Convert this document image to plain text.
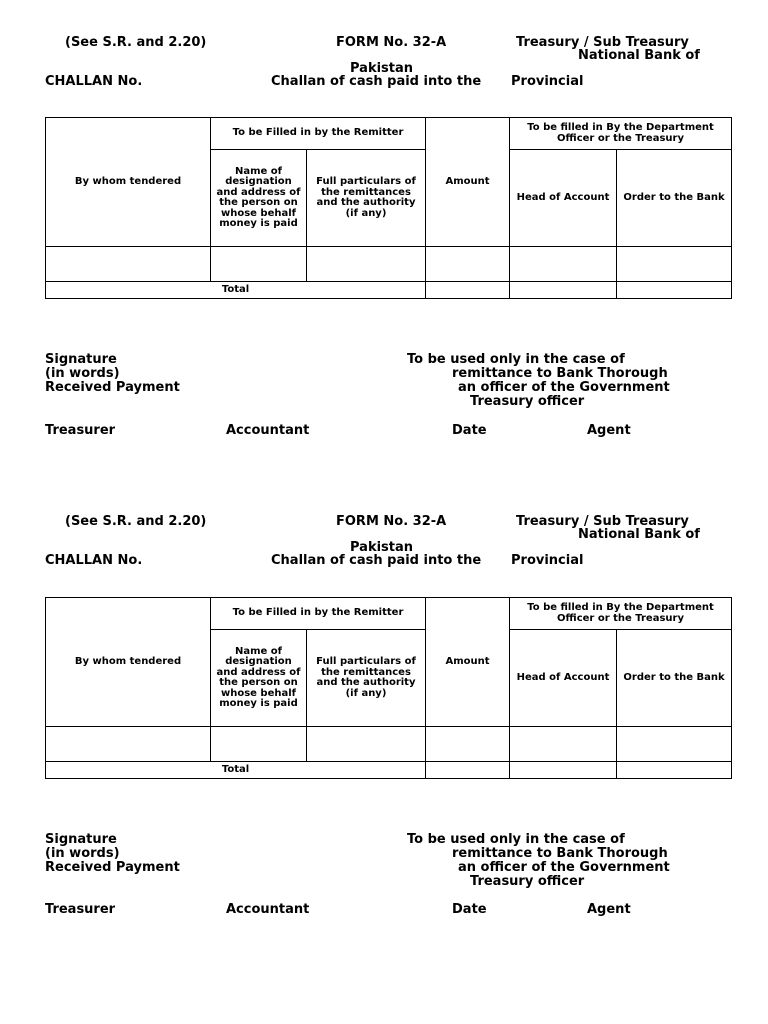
(See S.R. and 2.20)	FORM No. 32-A	Treasury / Sub Treasury
National Bank of
Pakistan
CHALLAN No.	Challan of cash paid into the Provincial
By whom tendered	To be Filled in by the Remitter		Amount	To be filled in By the Department Officer or the Treasury	
	Name of designation and address of the person on whose behalf money is paid	Full particulars of the remittances and the authority (if any)		Head of Account	Order to the Bank

Total					
Signature
(in words)
Received Payment
To be used only in the case of
remittance to Bank Thorough
an officer of the Government
Treasury officer
Treasurer	Accountant	Date	Agent
(See S.R. and 2.20)	FORM No. 32-A	Treasury / Sub Treasury
National Bank of
Pakistan
CHALLAN No.	Challan of cash paid into the Provincial
By whom tendered	To be Filled in by the Remitter		Amount	To be filled in By the Department Officer or the Treasury	
	Name of designation and address of the person on whose behalf money is paid	Full particulars of the remittances and the authority (if any)		Head of Account	Order to the Bank

Total					
Signature
(in words)
Received Payment
To be used only in the case of
remittance to Bank Thorough
an officer of the Government
Treasury officer
Treasurer	Accountant	Date	Agent
